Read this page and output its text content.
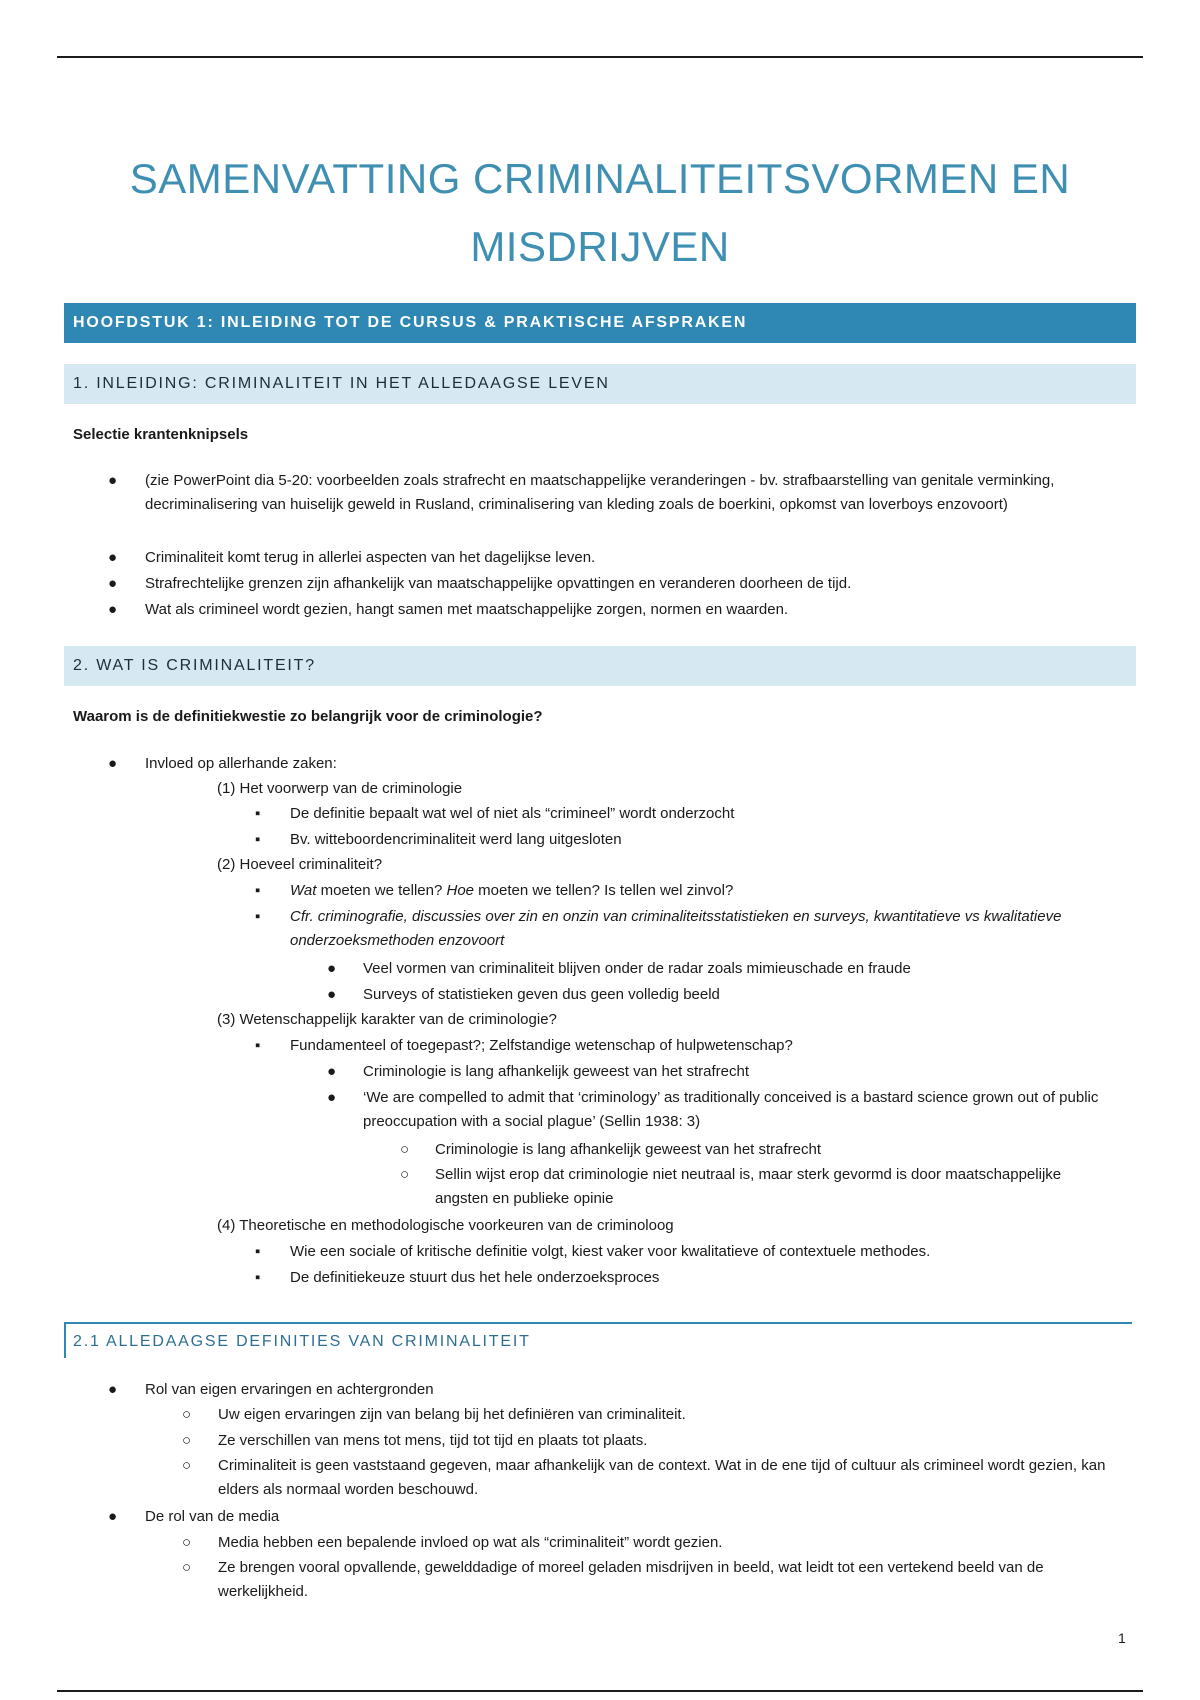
SAMENVATTING CRIMINALITEITSVORMEN EN
MISDRIJVEN
HOOFDSTUK 1: INLEIDING TOT DE CURSUS & PRAKTISCHE AFSPRAKEN
1. INLEIDING: CRIMINALITEIT IN HET ALLEDAAGSE LEVEN
Selectie krantenknipsels
● (zie PowerPoint dia 5-20: voorbeelden zoals strafrecht en maatschappelijke veranderingen - bv. strafbaarstelling van genitale verminking, decriminalisering van huiselijk geweld in Rusland, criminalisering van kleding zoals de boerkini, opkomst van loverboys enzovoort)
● Criminaliteit komt terug in allerlei aspecten van het dagelijkse leven.
● Strafrechtelijke grenzen zijn afhankelijk van maatschappelijke opvattingen en veranderen doorheen de tijd.
● Wat als crimineel wordt gezien, hangt samen met maatschappelijke zorgen, normen en waarden.
2. WAT IS CRIMINALITEIT?
Waarom is de definitiekwestie zo belangrijk voor de criminologie?
● Invloed op allerhande zaken:
(1) Het voorwerp van de criminologie
▪ De definitie bepaalt wat wel of niet als “crimineel” wordt onderzocht
▪ Bv. witteboordencriminaliteit werd lang uitgesloten
(2) Hoeveel criminaliteit?
▪ Wat moeten we tellen? Hoe moeten we tellen? Is tellen wel zinvol?
▪ Cfr. criminografie, discussies over zin en onzin van criminaliteitsstatistieken en surveys, kwantitatieve vs kwalitatieve onderzoeksmethoden enzovoort
● Veel vormen van criminaliteit blijven onder de radar zoals mimieuschade en fraude
● Surveys of statistieken geven dus geen volledig beeld
(3) Wetenschappelijk karakter van de criminologie?
▪ Fundamenteel of toegepast?; Zelfstandige wetenschap of hulpwetenschap?
● Criminologie is lang afhankelijk geweest van het strafrecht
● ‘We are compelled to admit that ‘criminology’ as traditionally conceived is a bastard science grown out of public preoccupation with a social plague’ (Sellin 1938: 3)
○ Criminologie is lang afhankelijk geweest van het strafrecht
○ Sellin wijst erop dat criminologie niet neutraal is, maar sterk gevormd is door maatschappelijke angsten en publieke opinie
(4) Theoretische en methodologische voorkeuren van de criminoloog
▪ Wie een sociale of kritische definitie volgt, kiest vaker voor kwalitatieve of contextuele methodes.
▪ De definitiekeuze stuurt dus het hele onderzoeksproces
2.1 ALLEDAAGSE DEFINITIES VAN CRIMINALITEIT
● Rol van eigen ervaringen en achtergronden
○ Uw eigen ervaringen zijn van belang bij het definiëren van criminaliteit.
○ Ze verschillen van mens tot mens, tijd tot tijd en plaats tot plaats.
○ Criminaliteit is geen vaststaand gegeven, maar afhankelijk van de context. Wat in de ene tijd of cultuur als crimineel wordt gezien, kan elders als normaal worden beschouwd.
● De rol van de media
○ Media hebben een bepalende invloed op wat als “criminaliteit” wordt gezien.
○ Ze brengen vooral opvallende, gewelddadige of moreel geladen misdrijven in beeld, wat leidt tot een vertekend beeld van de werkelijkheid.
1
